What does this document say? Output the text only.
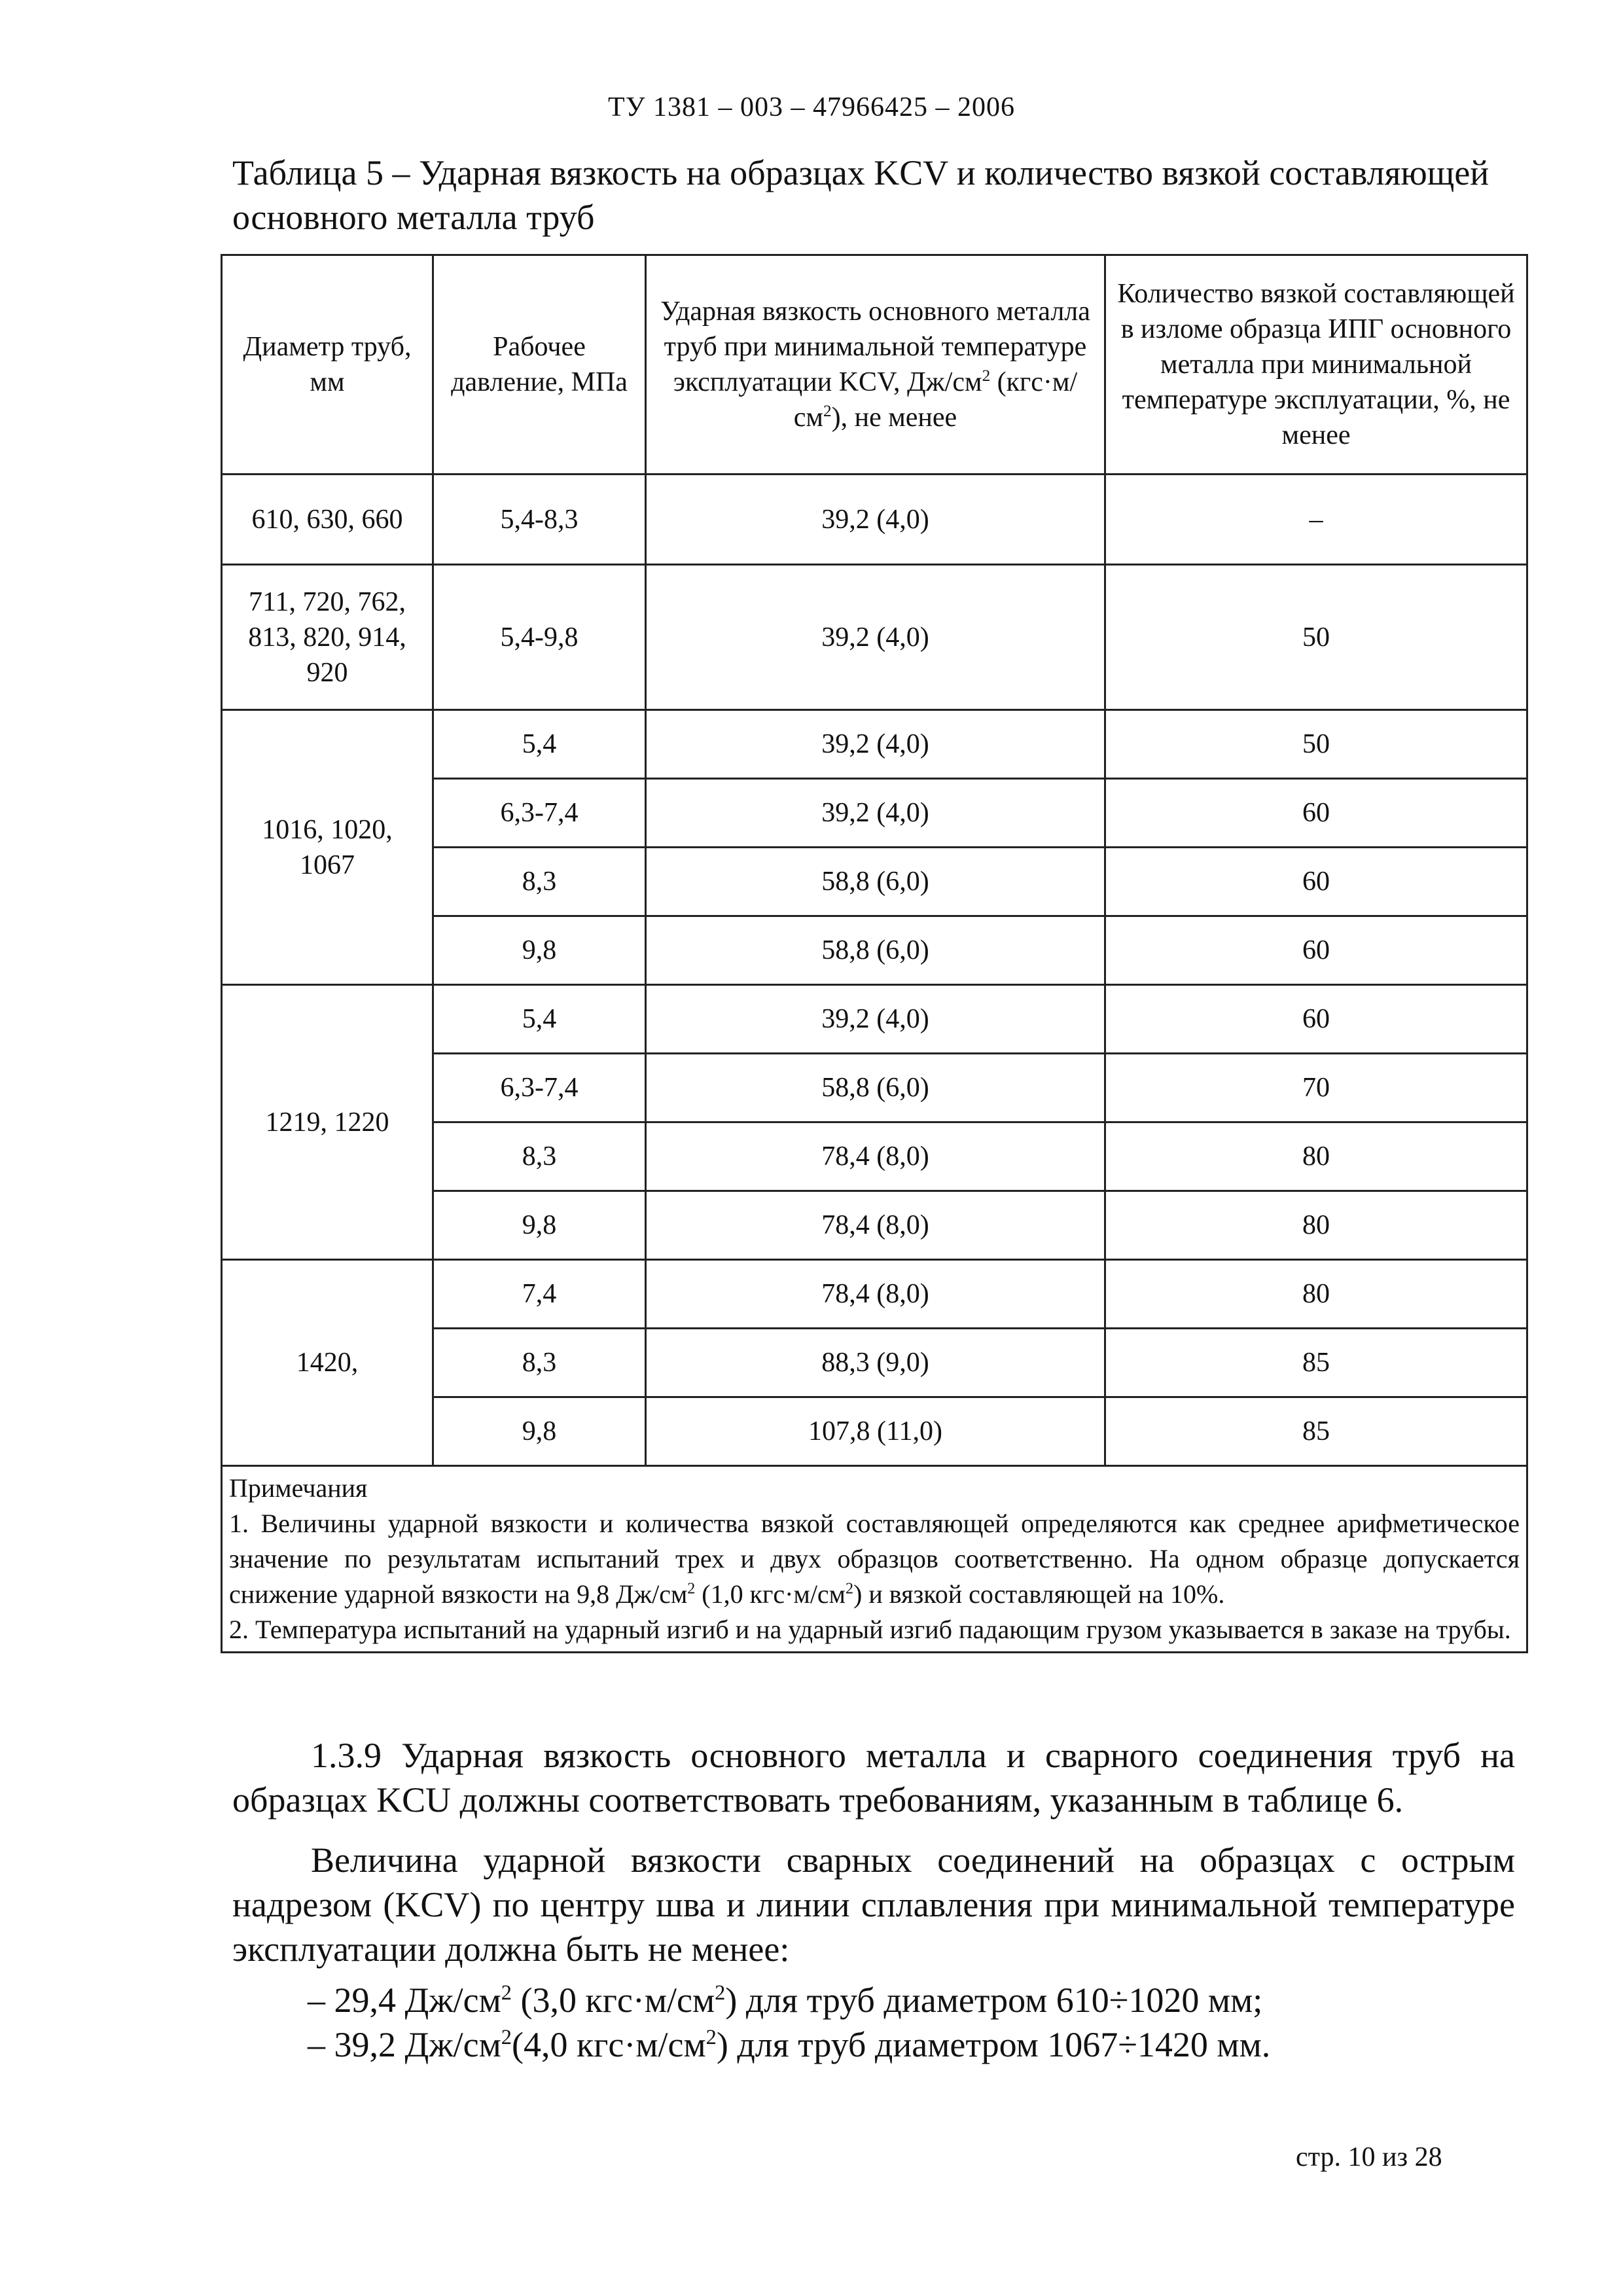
ТУ 1381 – 003 – 47966425 – 2006
Таблица 5 – Ударная вязкость на образцах KCV и количество вязкой составляющей основного металла труб
Диаметр труб, мм	Рабочее давление, МПа	Ударная вязкость основного металла труб при минимальной температуре эксплуатации KCV, $Дж/см^2$ $(кгс\cdot м/см^2)$, не менее	Количество вязкой составляющей в изломе образца ИПГ основного металла при минимальной температуре эксплуатации, %, не менее
610, 630, 660	5,4-8,3	39,2 (4,0)	–
711, 720, 762, 813, 820, 914, 920	5,4-9,8	39,2 (4,0)	50
1016, 1020, 1067	5,4	39,2 (4,0)	50
	6,3-7,4	39,2 (4,0)	60
	8,3	58,8 (6,0)	60
	9,8	58,8 (6,0)	60
1219, 1220	5,4	39,2 (4,0)	60
	6,3-7,4	58,8 (6,0)	70
	8,3	78,4 (8,0)	80
	9,8	78,4 (8,0)	80
1420,	7,4	78,4 (8,0)	80
	8,3	88,3 (9,0)	85
	9,8	107,8 (11,0)	85

Примечания

1. Величины ударной вязкости и количества вязкой составляющей определяются как среднее арифметическое значение по результатам испытаний трех и двух образцов соответственно. На одном образце допускается снижение ударной вязкости на 9,8 $Дж/см^2$ (1,0 $кгс\cdot м/см^2$) и вязкой составляющей на 10%.

2. Температура испытаний на ударный изгиб и на ударный изгиб падающим грузом указывается в заказе на трубы.			

1.3.9 Ударная вязкость основного металла и сварного соединения труб на образцах KCU должны соответствовать требованиям, указанным в таблице 6.
Величина ударной вязкости сварных соединений на образцах с острым надрезом (KCV) по центру шва и линии сплавления при минимальной температуре эксплуатации должна быть не менее:
– 29,4 $Дж/см^2$ (3,0 $кгс\cdot м/см^2$) для труб диаметром 610÷1020 мм;
– 39,2 $Дж/см^2(4,0$ $кгс\cdot м/см^2$) для труб диаметром 1067÷1420 мм.
стр. 10 из 28
